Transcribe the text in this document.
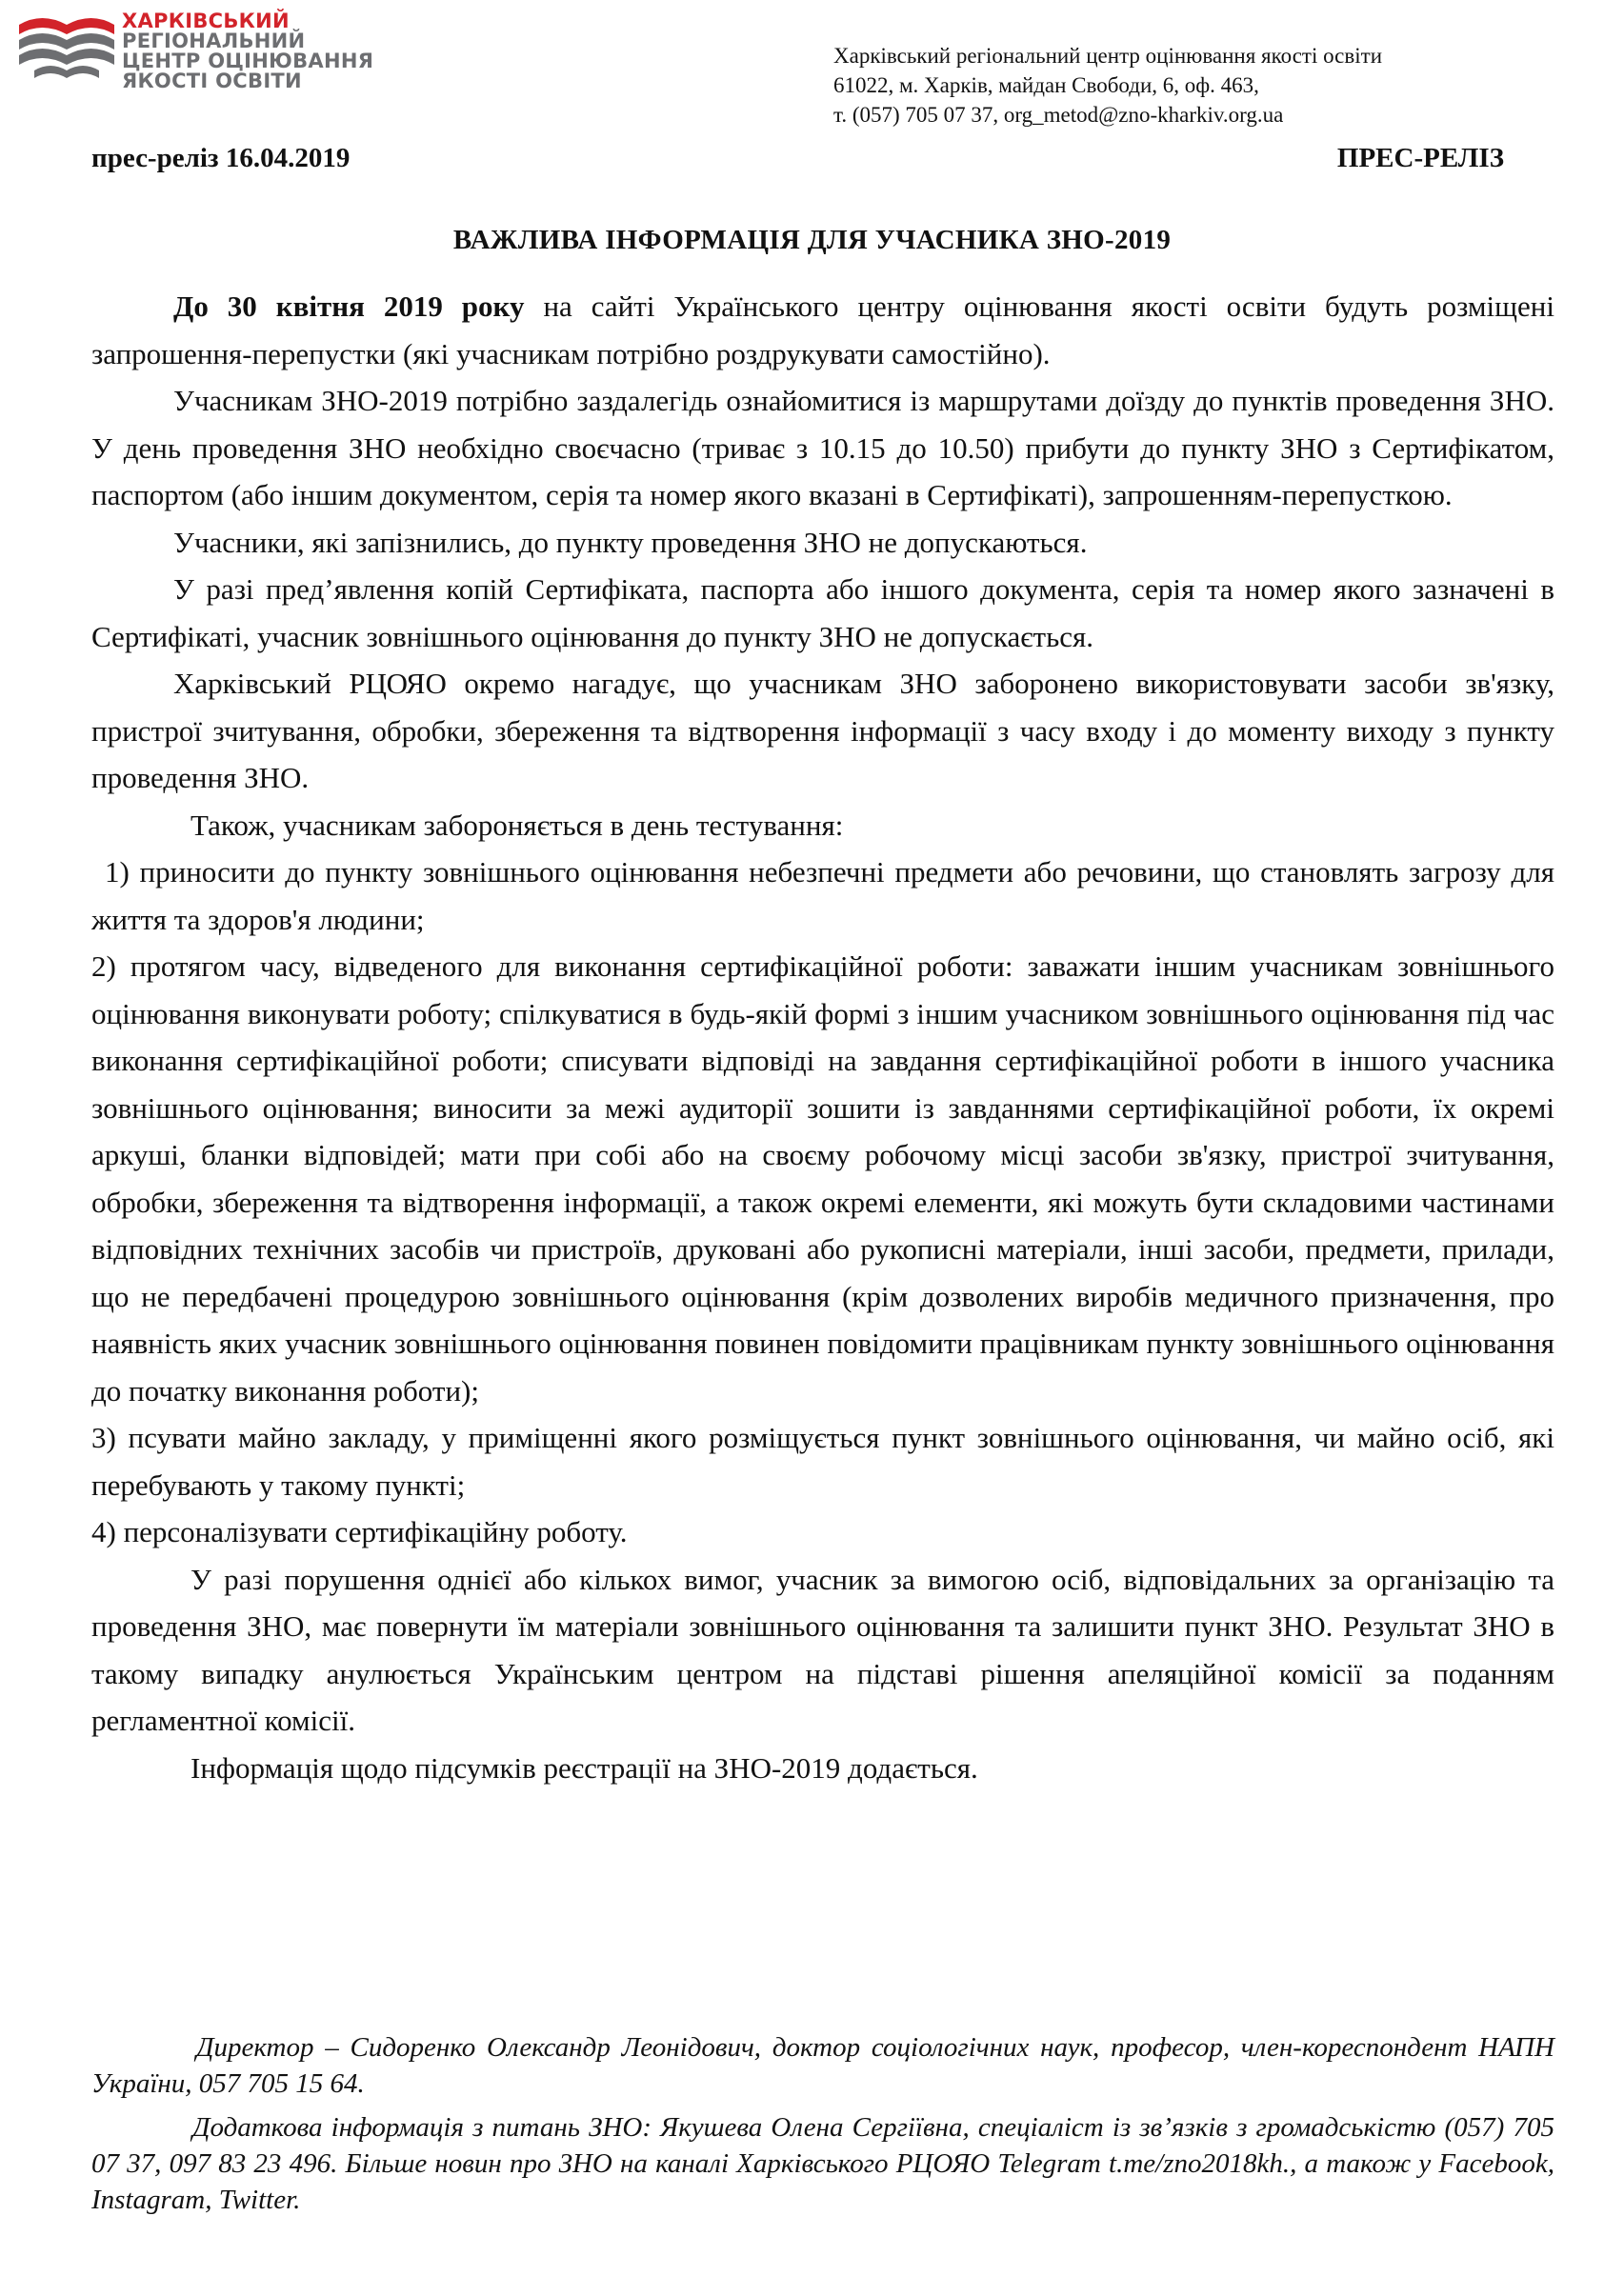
ХАРКІВСЬКИЙ
РЕГІОНАЛЬНИЙ
ЦЕНТР ОЦІНЮВАННЯ
ЯКОСТІ ОСВІТИ
Харківський регіональний центр оцінювання якості освіти
61022, м. Харків, майдан Свободи, 6, оф. 463,
т. (057) 705 07 37, org_metod@zno-kharkiv.org.ua
прес-реліз 16.04.2019	ПРЕС-РЕЛІЗ
ВАЖЛИВА ІНФОРМАЦІЯ ДЛЯ УЧАСНИКА ЗНО-2019

До 30 квітня 2019 року на сайті Українського центру оцінювання якості освіти будуть розміщені запрошення-перепустки (які учасникам потрібно роздрукувати самостійно).

Учасникам ЗНО-2019 потрібно заздалегідь ознайомитися із маршрутами доїзду до пунктів проведення ЗНО. У день проведення ЗНО необхідно своєчасно (триває з 10.15 до 10.50) прибути до пункту ЗНО з Сертифікатом, паспортом (або іншим документом, серія та номер якого вказані в Сертифікаті), запрошенням-перепусткою.

Учасники, які запізнились, до пункту проведення ЗНО не допускаються.

У разі пред’явлення копій Сертифіката, паспорта або іншого документа, серія та номер якого зазначені в Сертифікаті, учасник зовнішнього оцінювання до пункту ЗНО не допускається.

Харківський РЦОЯО окремо нагадує, що учасникам ЗНО заборонено використовувати засоби зв'язку, пристрої зчитування, обробки, збереження та відтворення інформації з часу входу і до моменту виходу з пункту проведення ЗНО.

Також, учасникам забороняється в день тестування:

1) приносити до пункту зовнішнього оцінювання небезпечні предмети або речовини, що становлять загрозу для життя та здоров'я людини;

2) протягом часу, відведеного для виконання сертифікаційної роботи: заважати іншим учасникам зовнішнього оцінювання виконувати роботу; спілкуватися в будь-якій формі з іншим учасником зовнішнього оцінювання під час виконання сертифікаційної роботи; списувати відповіді на завдання сертифікаційної роботи в іншого учасника зовнішнього оцінювання; виносити за межі аудиторії зошити із завданнями сертифікаційної роботи, їх окремі аркуші, бланки відповідей; мати при собі або на своєму робочому місці засоби зв'язку, пристрої зчитування, обробки, збереження та відтворення інформації, а також окремі елементи, які можуть бути складовими частинами відповідних технічних засобів чи пристроїв, друковані або рукописні матеріали, інші засоби, предмети, прилади, що не передбачені процедурою зовнішнього оцінювання (крім дозволених виробів медичного призначення, про наявність яких учасник зовнішнього оцінювання повинен повідомити працівникам пункту зовнішнього оцінювання до початку виконання роботи);

3) псувати майно закладу, у приміщенні якого розміщується пункт зовнішнього оцінювання, чи майно осіб, які перебувають у такому пункті;

4) персоналізувати сертифікаційну роботу.

У разі порушення однієї або кількох вимог, учасник за вимогою осіб, відповідальних за організацію та проведення ЗНО, має повернути їм матеріали зовнішнього оцінювання та залишити пункт ЗНО. Результат ЗНО в такому випадку анулюється Українським центром на підставі рішення апеляційної комісії за поданням регламентної комісії.

Інформація щодо підсумків реєстрації на ЗНО-2019 додається.

Директор – Сидоренко Олександр Леонідович, доктор соціологічних наук, професор, член-кореспондент НАПН України, 057 705 15 64.

Додаткова інформація з питань ЗНО: Якушева Олена Сергіївна, спеціаліст із зв’язків з громадськістю (057) 705 07 37, 097 83 23 496. Більше новин про ЗНО на каналі Харківського РЦОЯО Telegram t.me/zno2018kh., а також у Facebook, Instagram, Twitter.
